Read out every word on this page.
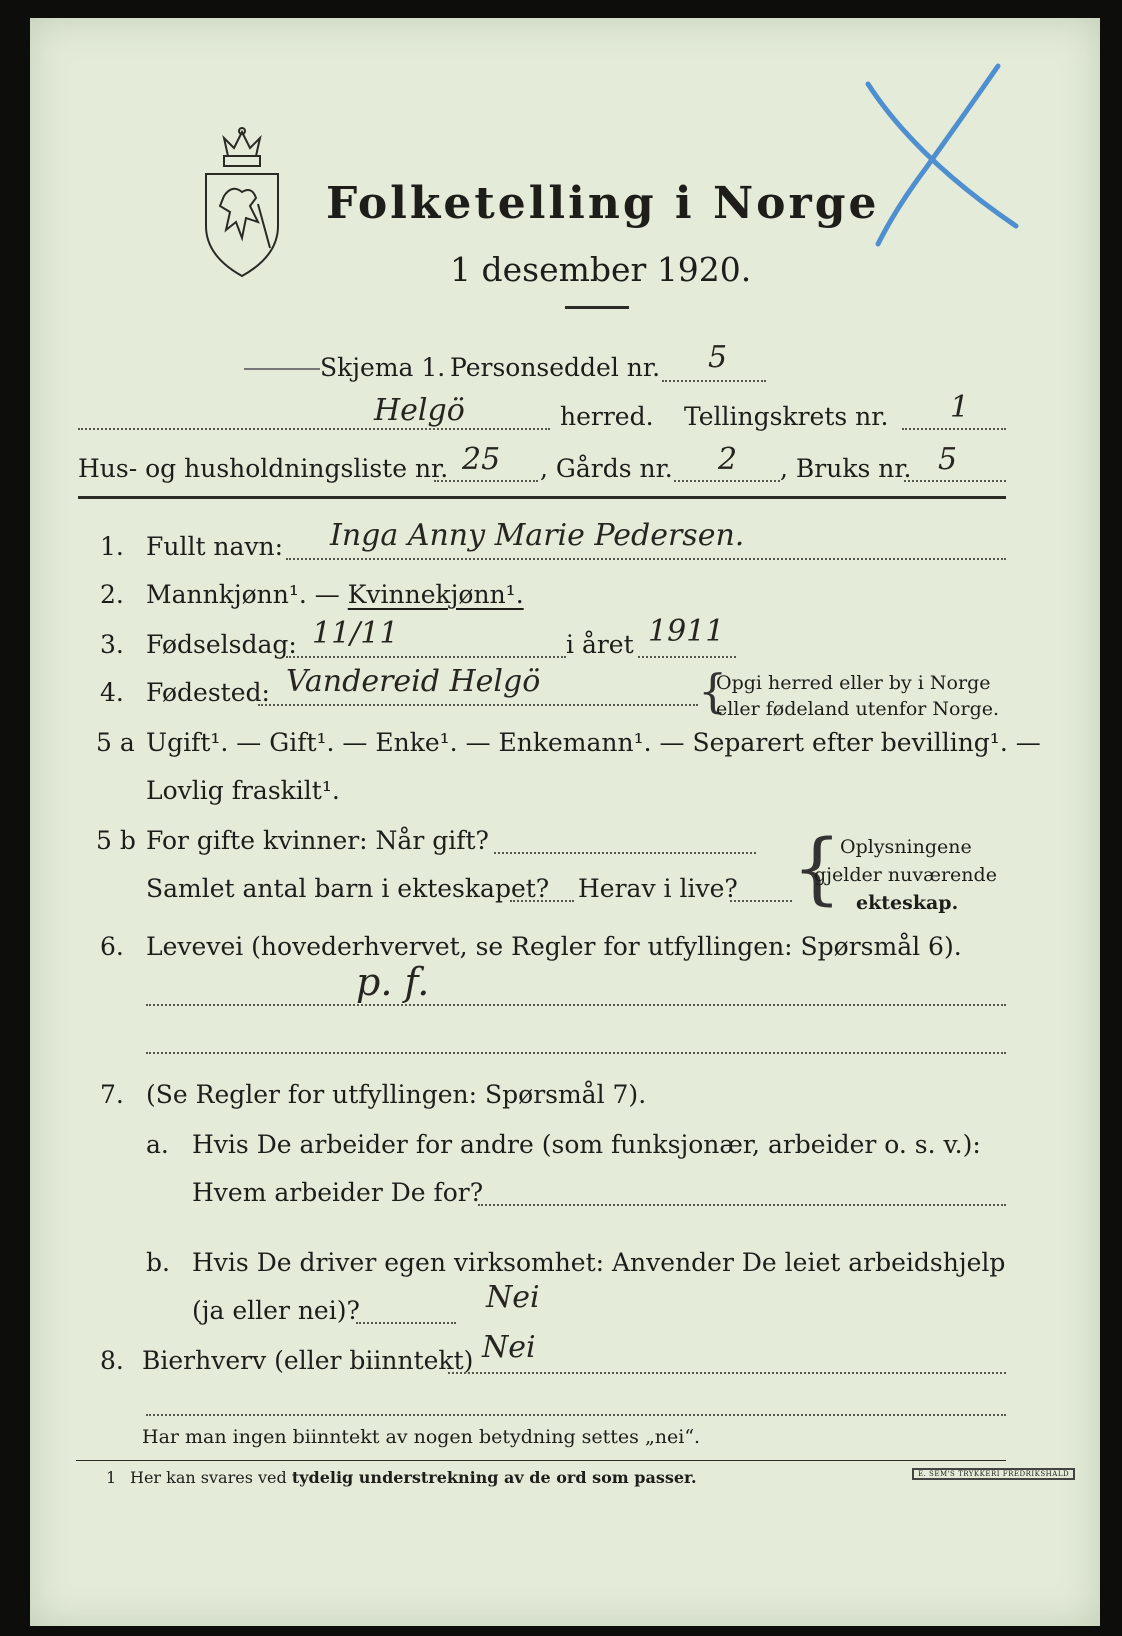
Folketelling i Norge
1 desember 1920.
Skjema 1. Personseddel nr. 5
Helgö	herred. Tellingskrets nr. 1
Hus- og husholdningsliste nr. 25 , Gårds nr. 2 , Bruks nr. 5
1. Fullt navn: Inga Anny Marie Pedersen.
2. Mannkjønn¹. — Kvinnekjønn¹.
3. Fødselsdag: 11/11	i året 1911
4. Fødested: Vandereid Helgö	{
Opgi herred eller by i Norge
eller fødeland utenfor Norge.
5 a Ugift¹. — Gift¹. — Enke¹. — Enkemann¹. — Separert efter bevilling¹. —
Lovlig fraskilt¹.
5 b For gifte kvinner: Når gift?
Samlet antal barn i ekteskapet? Herav i live? {
Oplysningene
gjelder nuværende
ekteskap.
6. Levevei (hovederhvervet, se Regler for utfyllingen: Spørsmål 6).
p. f.
7. (Se Regler for utfyllingen: Spørsmål 7).
a. Hvis De arbeider for andre (som funksjonær, arbeider o. s. v.):
Hvem arbeider De for?
b. Hvis De driver egen virksomhet: Anvender De leiet arbeidshjelp
(ja eller nei)?	Nei
8. Bierhverv (eller biinntekt) Nei
Har man ingen biinntekt av nogen betydning settes „nei“.
1 Her kan svares ved tydelig understrekning av de ord som passer.	E. SEM'S TRYKKERI FREDRIKSHALD
